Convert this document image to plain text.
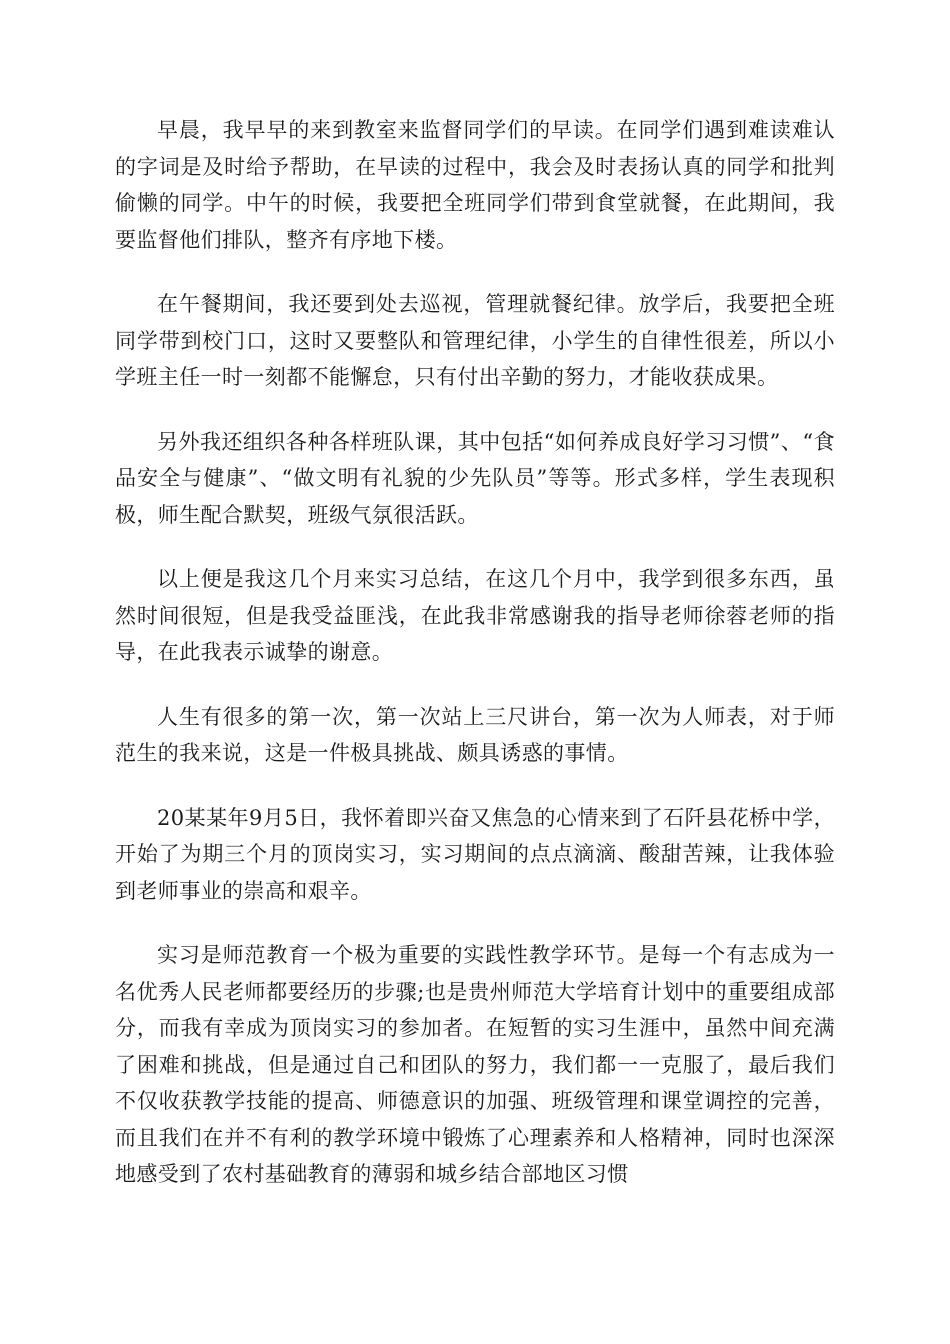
早晨，我早早的来到教室来监督同学们的早读。在同学们遇到难读难认的字词是及时给予帮助，在早读的过程中，我会及时表扬认真的同学和批判偷懒的同学。中午的时候，我要把全班同学们带到食堂就餐，在此期间，我要监督他们排队，整齐有序地下楼。

在午餐期间，我还要到处去巡视，管理就餐纪律。放学后，我要把全班同学带到校门口，这时又要整队和管理纪律，小学生的自律性很差，所以小学班主任一时一刻都不能懈怠，只有付出辛勤的努力，才能收获成果。

另外我还组织各种各样班队课，其中包括“如何养成良好学习习惯”、“食品安全与健康”、“做文明有礼貌的少先队员”等等。形式多样，学生表现积极，师生配合默契，班级气氛很活跃。

以上便是我这几个月来实习总结，在这几个月中，我学到很多东西，虽然时间很短，但是我受益匪浅，在此我非常感谢我的指导老师徐蓉老师的指导，在此我表示诚挚的谢意。

人生有很多的第一次，第一次站上三尺讲台，第一次为人师表，对于师范生的我来说，这是一件极具挑战、颇具诱惑的事情。

20某某年9月5日，我怀着即兴奋又焦急的心情来到了石阡县花桥中学，开始了为期三个月的顶岗实习，实习期间的点点滴滴、酸甜苦辣，让我体验到老师事业的崇高和艰辛。

实习是师范教育一个极为重要的实践性教学环节。是每一个有志成为一名优秀人民老师都要经历的步骤;也是贵州师范大学培育计划中的重要组成部分，而我有幸成为顶岗实习的参加者。在短暂的实习生涯中，虽然中间充满了困难和挑战，但是通过自己和团队的努力，我们都一一克服了，最后我们不仅收获教学技能的提高、师德意识的加强、班级管理和课堂调控的完善，而且我们在并不有利的教学环境中锻炼了心理素养和人格精神，同时也深深地感受到了农村基础教育的薄弱和城乡结合部地区习惯
